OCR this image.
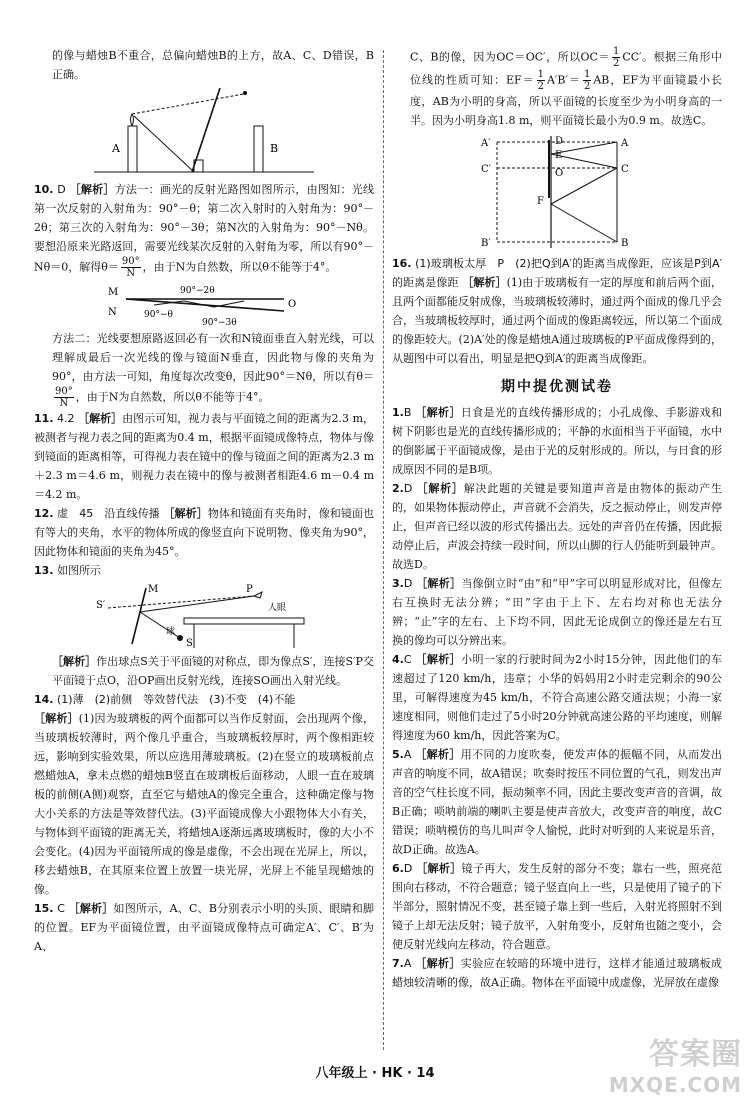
的像与蜡烛B不重合，总偏向蜡烛B的上方，故A、C、D错误，B正确。

A	B

10. D ［解析］方法一：画光的反射光路图如图所示，由图知：光线第一次反射的入射角为：90°－θ；第二次入射时的入射角为：90°－2θ；第三次的入射角为：90°－3θ；第N次的入射角为：90°－Nθ。要想沿原来光路返回，需要光线某次反射的入射角为零，所以有90°－Nθ＝0，解得$\theta= \frac{90^\circ}{N}$ ，由于N为自然数，所以θ不能等于4°。

M
N
O
90°−2θ
90°−θ
90°−3θ

方法二：光线要想原路返回必有一次和N镜面垂直入射光线，可以理解成最后一次光线的像与镜面N垂直，因此物与像的夹角为90°，由方法一可知，角度每次改变θ，因此90°＝Nθ，所以有θ＝
$\frac{90^\circ}{N}$ ，由于N为自然数，所以θ不能等于4°。

11. 4.2 ［解析］由图示可知，视力表与平面镜之间的距离为2.3 m，被测者与视力表之间的距离为0.4 m，根据平面镜成像特点，物体与像到镜面的距离相等，可得视力表在镜中的像与镜面之间的距离为2.3 m＋2.3 m＝4.6 m，则视力表在镜中的像与被测者相距4.6 m－0.4 m＝4.2 m。

12. 虚　45　沿直线传播 ［解析］物体和镜面有夹角时，像和镜面也有等大的夹角，水平的物体所成的像竖直向下说明物、像夹角为90°，因此物体和镜面的夹角为45°。

13. 如图所示

M	P
S′
S
人眼
球

［解析］作出球点S关于平面镜的对称点，即为像点S′，连接S′P交平面镜于点O，沿OP画出反射光线，连接SO画出入射光线。

14. (1)薄　(2)前侧　等效替代法　(3)不变　(4)不能
［解析］(1)因为玻璃板的两个面都可以当作反射面，会出现两个像，当玻璃板较薄时，两个像几乎重合，当玻璃板较厚时，两个像相距较远，影响到实验效果，所以应选用薄玻璃板。(2)在竖立的玻璃板前点燃蜡烛A，拿未点燃的蜡烛B竖直在玻璃板后面移动，人眼一直在玻璃板的前侧(A侧)观察，直至它与蜡烛A的像完全重合，这种确定像与物大小关系的方法是等效替代法。(3)平面镜成像大小跟物体大小有关，与物体到平面镜的距离无关，将蜡烛A逐渐远离玻璃板时，像的大小不会变化。(4)因为平面镜所成的像是虚像，不会出现在光屏上，所以，移去蜡烛B，在其原来位置上放置一块光屏，光屏上不能呈现蜡烛的像。

15. C ［解析］如图所示，A、C、B分别表示小明的头顶、眼睛和脚的位置。EF为平面镜位置，由平面镜成像特点可确定A′、C′、B′为A、

C、B的像，因为OC＝OC′，所以$OC= \frac{1}{2} CC'$。根据三角形中位线的性质可知：$EF= \frac{1}{2} A'B'= \frac{1}{2}$ AB，EF为平面镜最小长度，AB为小明的身高，所以平面镜的长度至少为小明身高的一半。因为小明身高1.8 m，则平面镜长最小为0.9 m。故选C。

A′
C′
B′
A
C
B
D
E
O
F

16. (1)玻璃板太厚　P　(2)把Q到A′的距离当成像距，应该是P到A′的距离是像距 ［解析］(1)由于玻璃板有一定的厚度和前后两个面，且两个面都能反射成像，当玻璃板较薄时，通过两个面成的像几乎会合，当玻璃板较厚时，通过两个面成的像距离较远，所以第二个面成的像距较大。(2)A′处的像是蜡烛A通过玻璃板的P平面成像得到的，从题图中可以看出，明显是把Q到A′的距离当成像距。

期中提优测试卷

1.B ［解析］日食是光的直线传播形成的；小孔成像、手影游戏和树下阴影也是光的直线传播形成的；平静的水面相当于平面镜，水中的倒影属于平面镜成像，是由于光的反射形成的。所以，与日食的形成原因不同的是B项。

2.D ［解析］解决此题的关键是要知道声音是由物体的振动产生的，如果物体振动停止，声音就不会消失，反之振动停止，则发声停止，但声音已经以波的形式传播出去。远处的声音仍在传播，因此振动停止后，声波会持续一段时间，所以山脚的行人仍能听到最钟声。故选D。

3.D ［解析］当像倒立时“由”和“甲”字可以明显形成对比，但像左右互换时无法分辨；“田”字由于上下、左右均对称也无法分辨；“止”字的左右、上下均不同，因此无论成倒立的像还是左右互换的像均可以分辨出来。

4.C ［解析］小明一家的行驶时间为2小时15分钟，因此他们的车速超过了120 km/h，违章；小华的妈妈用2小时走完剩余的90公里，可解得速度为45 km/h，不符合高速公路交通法规；小海一家速度相同，则他们走过了5小时20分钟就高速公路的平均速度，则解得速度为60 km/h，因此答案为C。

5.A ［解析］用不同的力度吹奏，使发声体的振幅不同，从而发出声音的响度不同，故A错误；吹奏时按压不同位置的气孔，则发出声音的空气柱长度不同，振动频率不同，因此主要改变声音的音调，故B正确；唢呐前端的喇叭主要是使声音放大，改变声音的响度，故C错误；唢呐模仿的鸟儿叫声令人愉悦，此时对听到的人来说是乐音，故D正确。故选A。

6.D ［解析］镜子再大，发生反射的部分不变；靠右一些，照亮范围向右移动，不符合题意；镜子竖直向上一些，只是使用了镜子的下半部分，照射情况不变，甚至镜子靠上到一些后，入射光将照射不到镜子上却无法反射；镜子放平，入射角变小，反射角也随之变小，会使反射光线向左移动，符合题意。

7.A ［解析］实验应在较暗的环境中进行，这样才能通过玻璃板成蜡烛较清晰的像，故A正确。物体在平面镜中成虚像，光屏放在虚像

答案圈
MXQE.COM
八年级上 · HK · 14
